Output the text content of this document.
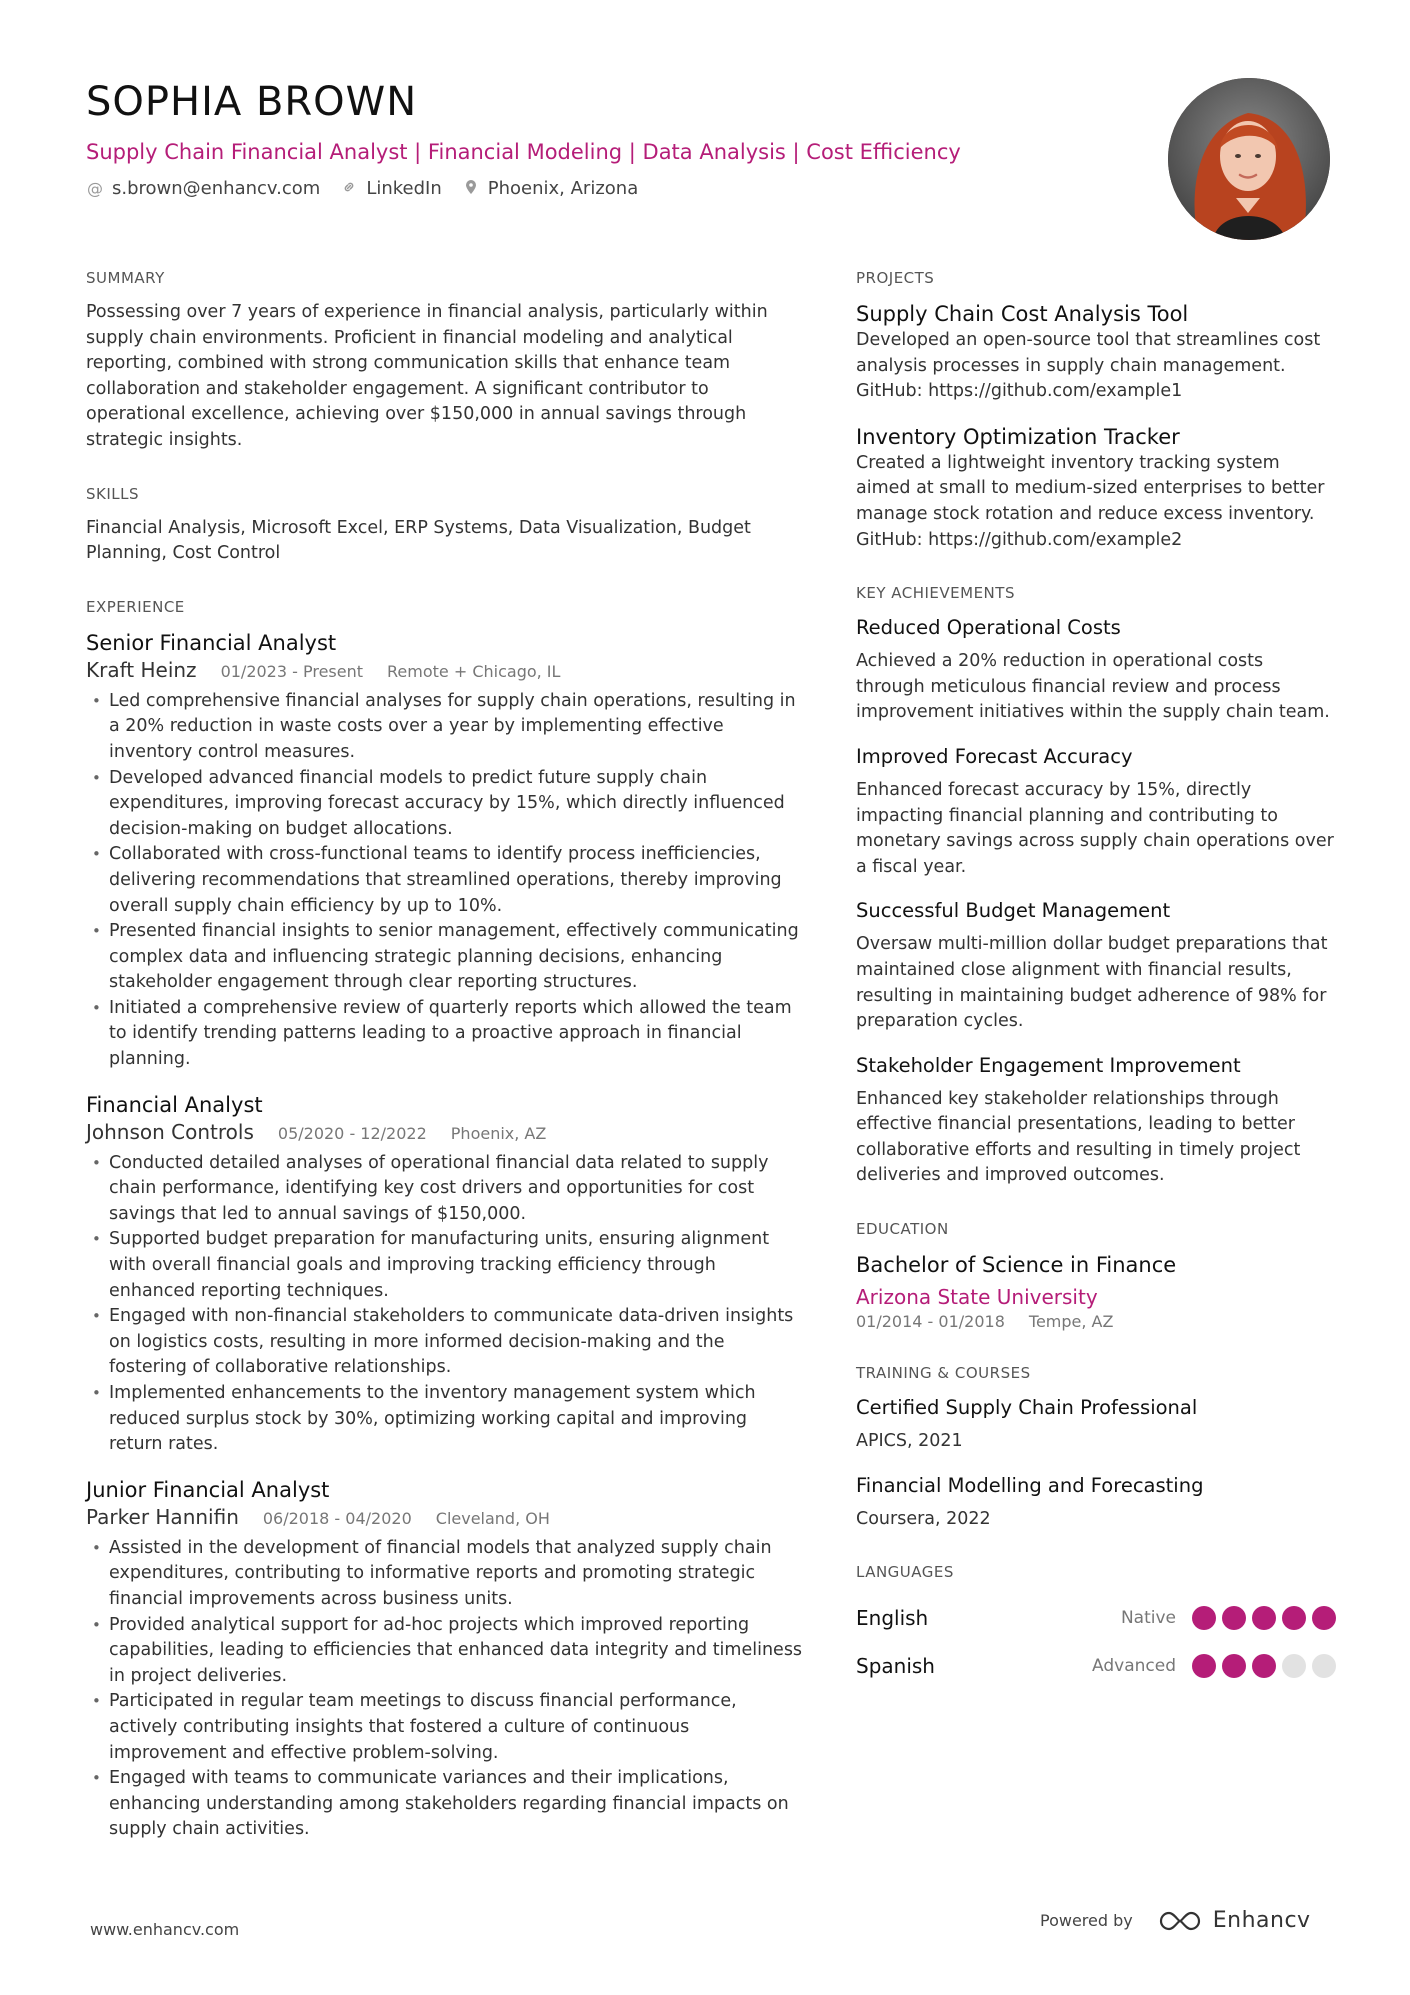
SOPHIA BROWN
Supply Chain Financial Analyst | Financial Modeling | Data Analysis | Cost Efficiency
@ s.brown@enhancv.com	LinkedIn	Phoenix, Arizona
SUMMARY

Possessing over 7 years of experience in financial analysis, particularly within supply chain environments. Proficient in financial modeling and analytical reporting, combined with strong communication skills that enhance team collaboration and stakeholder engagement. A significant contributor to operational excellence, achieving over $150,000 in annual savings through strategic insights.

SKILLS

Financial Analysis, Microsoft Excel, ERP Systems, Data Visualization, Budget Planning, Cost Control

EXPERIENCE
Senior Financial Analyst
Kraft Heinz 01/2023 - Present Remote + Chicago, IL
• Led comprehensive financial analyses for supply chain operations, resulting in a 20% reduction in waste costs over a year by implementing effective inventory control measures.
• Developed advanced financial models to predict future supply chain expenditures, improving forecast accuracy by 15%, which directly influenced decision-making on budget allocations.
• Collaborated with cross-functional teams to identify process inefficiencies, delivering recommendations that streamlined operations, thereby improving overall supply chain efficiency by up to 10%.
• Presented financial insights to senior management, effectively communicating complex data and influencing strategic planning decisions, enhancing stakeholder engagement through clear reporting structures.
• Initiated a comprehensive review of quarterly reports which allowed the team to identify trending patterns leading to a proactive approach in financial planning.
Financial Analyst
Johnson Controls 05/2020 - 12/2022 Phoenix, AZ
• Conducted detailed analyses of operational financial data related to supply chain performance, identifying key cost drivers and opportunities for cost savings that led to annual savings of $150,000.
• Supported budget preparation for manufacturing units, ensuring alignment with overall financial goals and improving tracking efficiency through enhanced reporting techniques.
• Engaged with non-financial stakeholders to communicate data-driven insights on logistics costs, resulting in more informed decision-making and the fostering of collaborative relationships.
• Implemented enhancements to the inventory management system which reduced surplus stock by 30%, optimizing working capital and improving return rates.
Junior Financial Analyst
Parker Hannifin 06/2018 - 04/2020 Cleveland, OH
• Assisted in the development of financial models that analyzed supply chain expenditures, contributing to informative reports and promoting strategic financial improvements across business units.
• Provided analytical support for ad-hoc projects which improved reporting capabilities, leading to efficiencies that enhanced data integrity and timeliness in project deliveries.
• Participated in regular team meetings to discuss financial performance, actively contributing insights that fostered a culture of continuous improvement and effective problem-solving.
• Engaged with teams to communicate variances and their implications, enhancing understanding among stakeholders regarding financial impacts on supply chain activities.
PROJECTS
Supply Chain Cost Analysis Tool

Developed an open-source tool that streamlines cost analysis processes in supply chain management. GitHub: https://github.com/example1

Inventory Optimization Tracker

Created a lightweight inventory tracking system aimed at small to medium-sized enterprises to better manage stock rotation and reduce excess inventory. GitHub: https://github.com/example2

KEY ACHIEVEMENTS
Reduced Operational Costs

Achieved a 20% reduction in operational costs through meticulous financial review and process improvement initiatives within the supply chain team.

Improved Forecast Accuracy

Enhanced forecast accuracy by 15%, directly impacting financial planning and contributing to monetary savings across supply chain operations over a fiscal year.

Successful Budget Management

Oversaw multi-million dollar budget preparations that maintained close alignment with financial results, resulting in maintaining budget adherence of 98% for preparation cycles.

Stakeholder Engagement Improvement

Enhanced key stakeholder relationships through effective financial presentations, leading to better collaborative efforts and resulting in timely project deliveries and improved outcomes.

EDUCATION
Bachelor of Science in Finance
Arizona State University
01/2014 - 01/2018 Tempe, AZ
TRAINING & COURSES
Certified Supply Chain Professional

APICS, 2021

Financial Modelling and Forecasting

Coursera, 2022

LANGUAGES
English	Native
Spanish	Advanced
www.enhancv.com	Powered by	Enhancv
